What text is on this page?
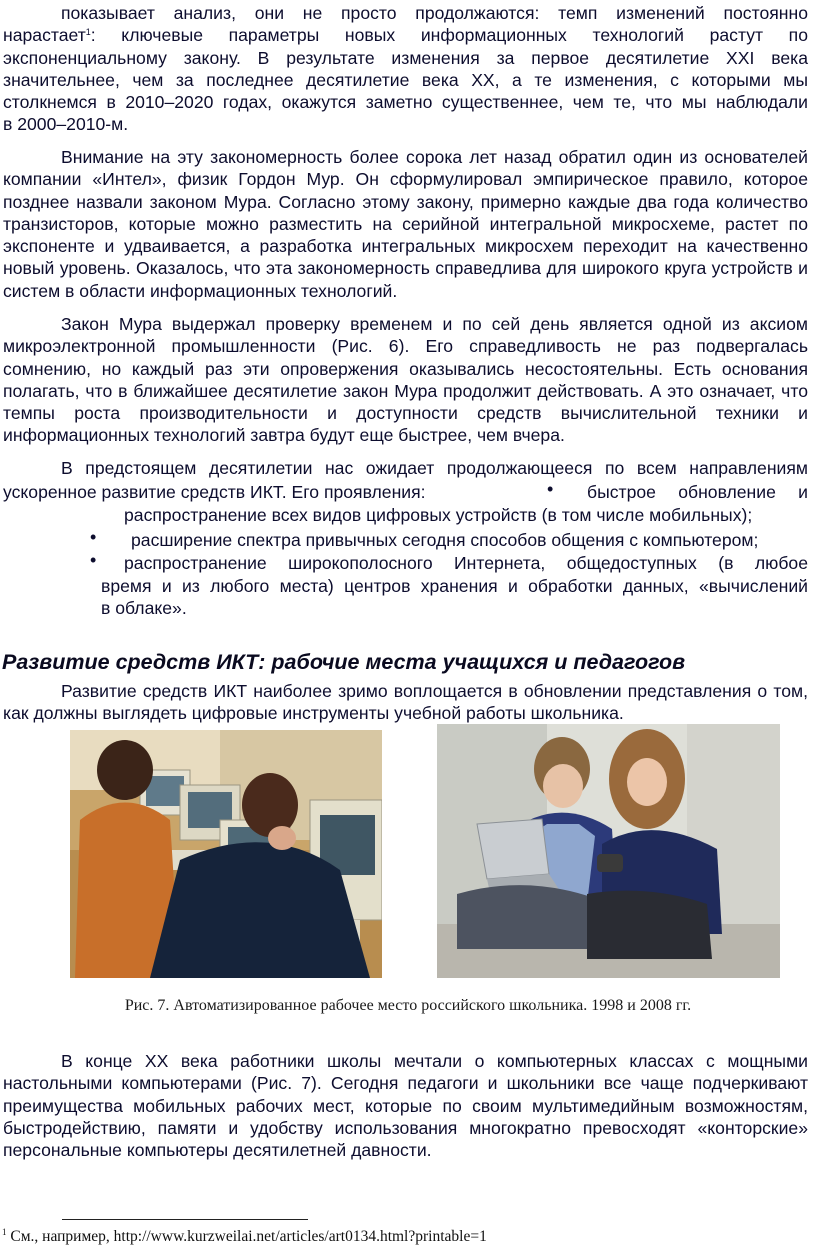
показывает анализ, они не просто продолжаются: темп изменений постоянно
нарастает$^1$: ключевые параметры новых информационных технологий растут по
экспоненциальному закону. В результате изменения за первое десятилетие XXI века
значительнее, чем за последнее десятилетие века XX, а те изменения, с которыми мы
столкнемся в 2010–2020 годах, окажутся заметно существеннее, чем те, что мы наблюдали
в 2000–2010-м.
Внимание на эту закономерность более сорока лет назад обратил один из основателей компании «Интел», физик Гордон Мур. Он сформулировал эмпирическое правило, которое позднее назвали законом Мура. Согласно этому закону, примерно каждые два года количество транзисторов, которые можно разместить на серийной интегральной микросхеме, растет по экспоненте и удваивается, а разработка интегральных микросхем переходит на качественно новый уровень. Оказалось, что эта закономерность справедлива для широкого круга устройств и систем в области информационных технологий.
Закон Мура выдержал проверку временем и по сей день является одной из аксиом микроэлектронной промышленности (Рис. 6). Его справедливость не раз подвергалась сомнению, но каждый раз эти опровержения оказывались несостоятельны. Есть основания полагать, что в ближайшее десятилетие закон Мура продолжит действовать. А это означает, что темпы роста производительности и доступности средств вычислительной техники и информационных технологий завтра будут еще быстрее, чем вчера.
В предстоящем десятилетии нас ожидает продолжающееся по всем направлениям
ускоренное развитие средств ИКТ. Его проявления:	• быстрое обновление и
распространение всех видов цифровых устройств (в том числе мобильных);
• расширение спектра привычных сегодня способов общения с компьютером;
• распространение широкополосного Интернета, общедоступных (в любое
время и из любого места) центров хранения и обработки данных, «вычислений
в облаке».
Развитие средств ИКТ: рабочие места учащихся и педагогов
Развитие средств ИКТ наиболее зримо воплощается в обновлении представления о том, как должны выглядеть цифровые инструменты учебной работы школьника.
Рис. 7. Автоматизированное рабочее место российского школьника. 1998 и 2008 гг.
В конце XX века работники школы мечтали о компьютерных классах с мощными настольными компьютерами (Рис. 7). Сегодня педагоги и школьники все чаще подчеркивают преимущества мобильных рабочих мест, которые по своим мультимедийным возможностям, быстродействию, памяти и удобству использования многократно превосходят «конторские» персональные компьютеры десятилетней давности.
$^1$ См., например, http://www.kurzweilai.net/articles/art0134.html?printable=1
